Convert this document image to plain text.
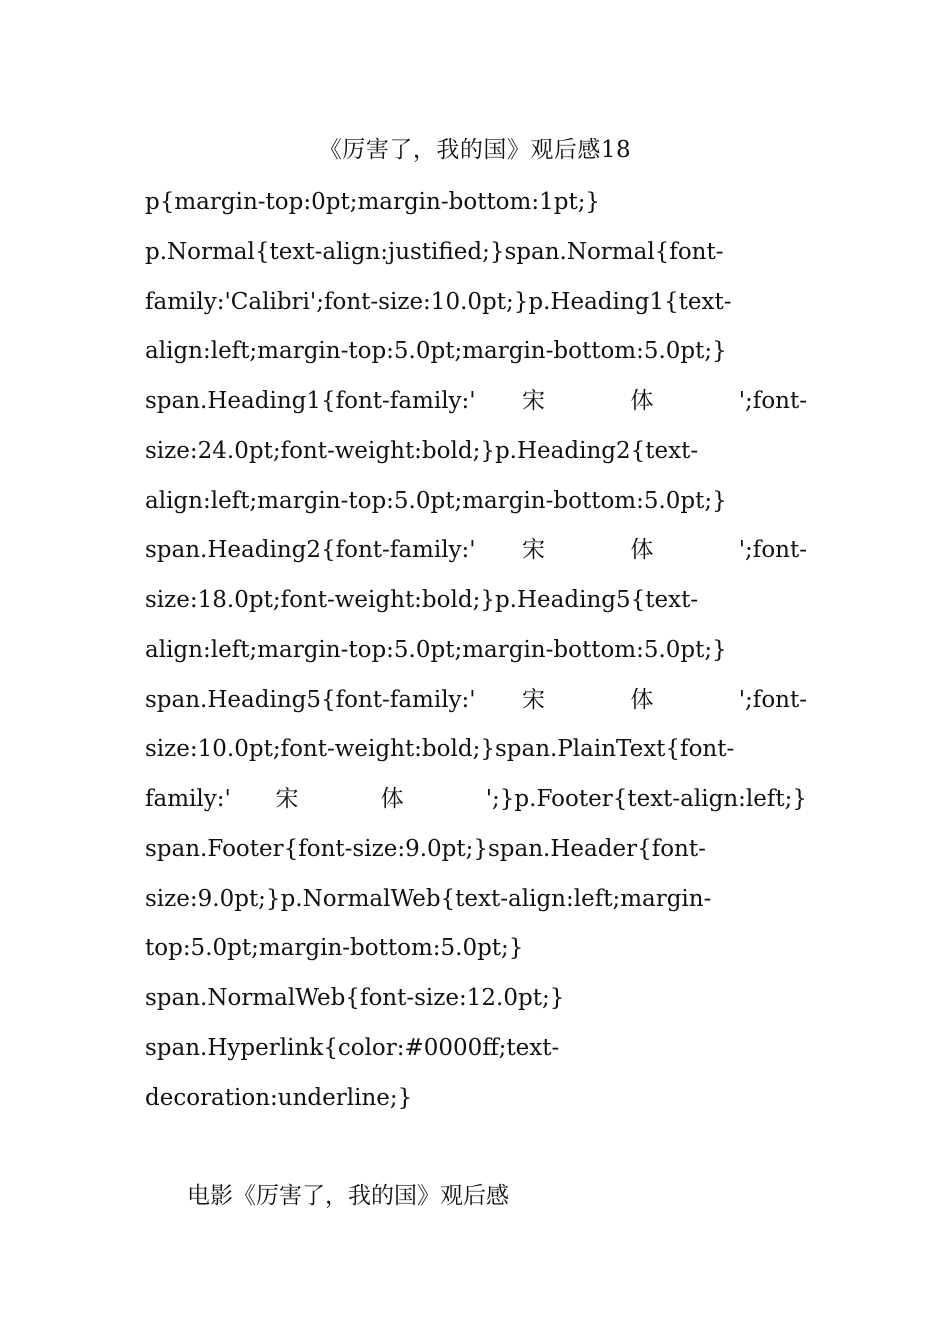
《厉害了，我的国》观后感18
p{margin-top:0pt;margin-bottom:1pt;}
p.Normal{text-align:justified;}span.Normal{font-
family:'Calibri';font-size:10.0pt;}p.Heading1{text-
align:left;margin-top:5.0pt;margin-bottom:5.0pt;}
span.Heading1{font-family:' 宋 体 ';font-
size:24.0pt;font-weight:bold;}p.Heading2{text-
align:left;margin-top:5.0pt;margin-bottom:5.0pt;}
span.Heading2{font-family:' 宋 体 ';font-
size:18.0pt;font-weight:bold;}p.Heading5{text-
align:left;margin-top:5.0pt;margin-bottom:5.0pt;}
span.Heading5{font-family:' 宋 体 ';font-
size:10.0pt;font-weight:bold;}span.PlainText{font-
family:' 宋 体 ';}p.Footer{text-align:left;}
span.Footer{font-size:9.0pt;}span.Header{font-
size:9.0pt;}p.NormalWeb{text-align:left;margin-
top:5.0pt;margin-bottom:5.0pt;}
span.NormalWeb{font-size:12.0pt;}
span.Hyperlink{color:#0000ff;text-
decoration:underline;}
电影《厉害了，我的国》观后感
